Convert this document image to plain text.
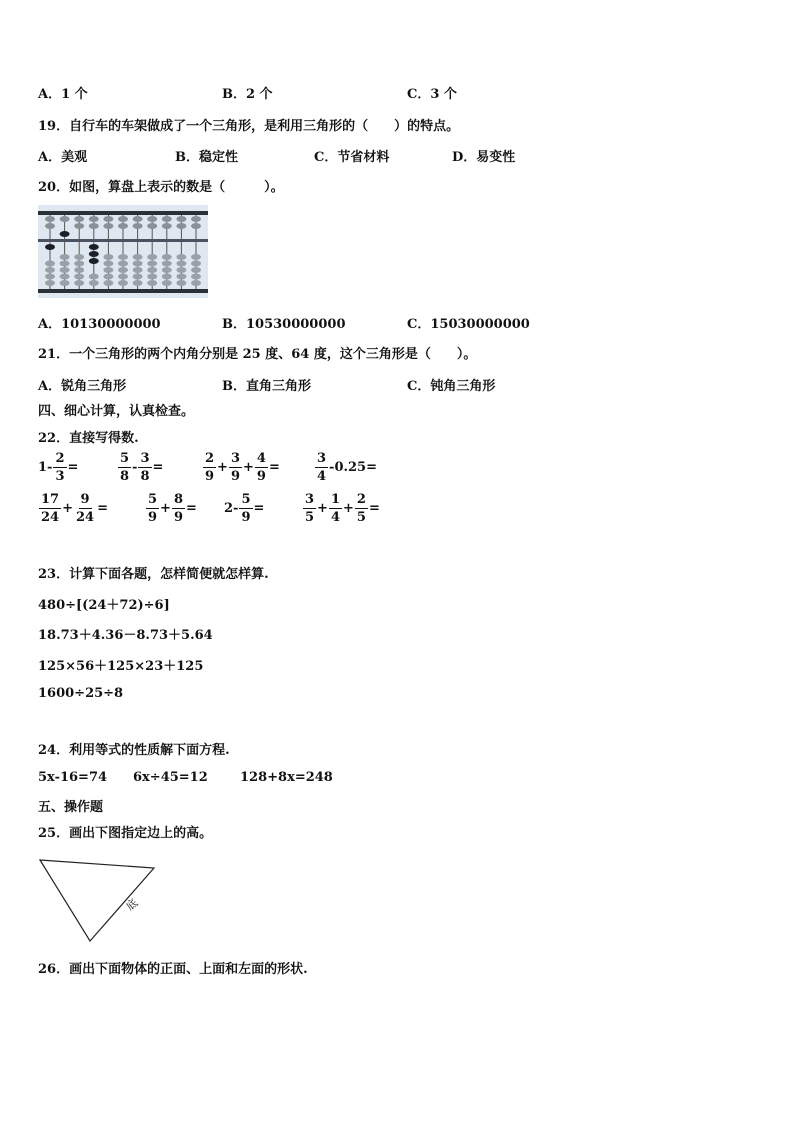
A．1 个	B．2 个	C．3 个
19．自行车的车架做成了一个三角形，是利用三角形的（　　）的特点。
A．美观	B．稳定性	C．节省材料	D．易变性
20．如图，算盘上表示的数是（　　　）。
A．10130000000	B．10530000000	C．15030000000
21．一个三角形的两个内角分别是 25 度、64 度，这个三角形是（　　）。
A．锐角三角形	B．直角三角形	C．钝角三角形
四、细心计算，认真检查。
22．直接写得数.
$1- \frac{2}{3}$ =	$\frac{5}{8} - \frac{3}{8}$ =	$\frac{2}{9} + \frac{3}{9} + \frac{4}{9}$ =	$\frac{3}{4} -0.25=$
$\frac{17}{24} + \frac{9}{24}$ =	$\frac{5}{9} + \frac{8}{9} = 2- \frac{5}{9}$ =	$\frac{3}{5} + \frac{1}{4} + \frac{2}{5}$ =
23．计算下面各题，怎样简便就怎样算.
480÷[(24＋72)÷6]
18.73＋4.36－8.73＋5.64
125×56＋125×23＋125
1600÷25÷8
24．利用等式的性质解下面方程.
5x-16=74 6x÷45=12 128+8x=248
五、操作题
25．画出下图指定边上的高。
底
26．画出下面物体的正面、上面和左面的形状.
